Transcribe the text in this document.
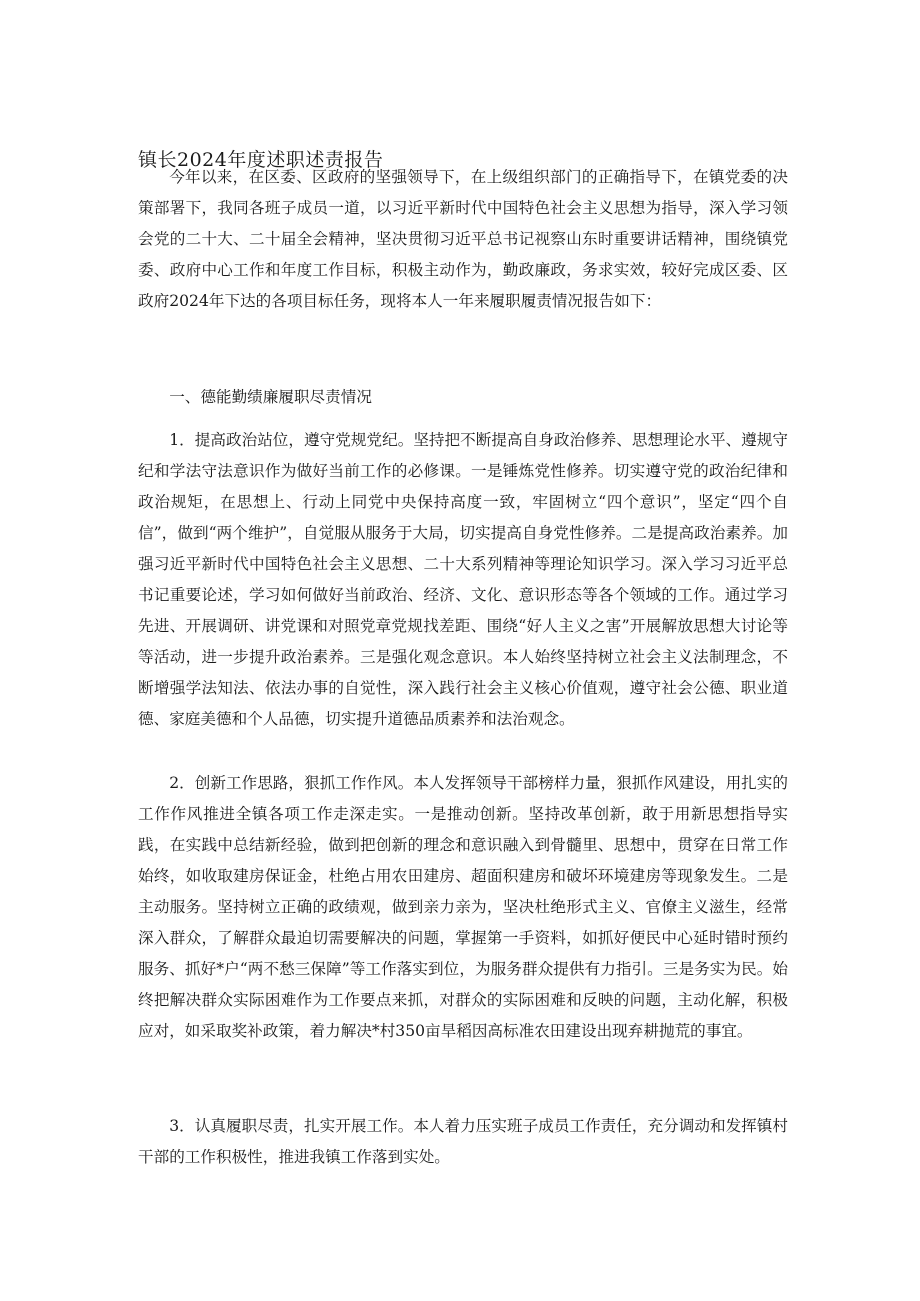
镇长2024年度述职述责报告

今年以来，在区委、区政府的坚强领导下，在上级组织部门的正确指导下，在镇党委的决策部署下，我同各班子成员一道，以习近平新时代中国特色社会主义思想为指导，深入学习领会党的二十大、二十届全会精神，坚决贯彻习近平总书记视察山东时重要讲话精神，围绕镇党委、政府中心工作和年度工作目标，积极主动作为，勤政廉政，务求实效，较好完成区委、区政府2024年下达的各项目标任务，现将本人一年来履职履责情况报告如下：

一、德能勤绩廉履职尽责情况

1．提高政治站位，遵守党规党纪。坚持把不断提高自身政治修养、思想理论水平、遵规守纪和学法守法意识作为做好当前工作的必修课。一是锤炼党性修养。切实遵守党的政治纪律和政治规矩，在思想上、行动上同党中央保持高度一致，牢固树立“四个意识”，坚定“四个自信”，做到“两个维护”，自觉服从服务于大局，切实提高自身党性修养。二是提高政治素养。加强习近平新时代中国特色社会主义思想、二十大系列精神等理论知识学习。深入学习习近平总书记重要论述，学习如何做好当前政治、经济、文化、意识形态等各个领域的工作。通过学习先进、开展调研、讲党课和对照党章党规找差距、围绕“好人主义之害”开展解放思想大讨论等等活动，进一步提升政治素养。三是强化观念意识。本人始终坚持树立社会主义法制理念，不断增强学法知法、依法办事的自觉性，深入践行社会主义核心价值观，遵守社会公德、职业道德、家庭美德和个人品德，切实提升道德品质素养和法治观念。

2．创新工作思路，狠抓工作作风。本人发挥领导干部榜样力量，狠抓作风建设，用扎实的工作作风推进全镇各项工作走深走实。一是推动创新。坚持改革创新，敢于用新思想指导实践，在实践中总结新经验，做到把创新的理念和意识融入到骨髓里、思想中，贯穿在日常工作始终，如收取建房保证金，杜绝占用农田建房、超面积建房和破坏环境建房等现象发生。二是主动服务。坚持树立正确的政绩观，做到亲力亲为，坚决杜绝形式主义、官僚主义滋生，经常深入群众，了解群众最迫切需要解决的问题，掌握第一手资料，如抓好便民中心延时错时预约服务、抓好*户“两不愁三保障”等工作落实到位，为服务群众提供有力指引。三是务实为民。始终把解决群众实际困难作为工作要点来抓，对群众的实际困难和反映的问题，主动化解，积极应对，如采取奖补政策，着力解决*村350亩旱稻因高标准农田建设出现弃耕抛荒的事宜。

3．认真履职尽责，扎实开展工作。本人着力压实班子成员工作责任，充分调动和发挥镇村干部的工作积极性，推进我镇工作落到实处。
